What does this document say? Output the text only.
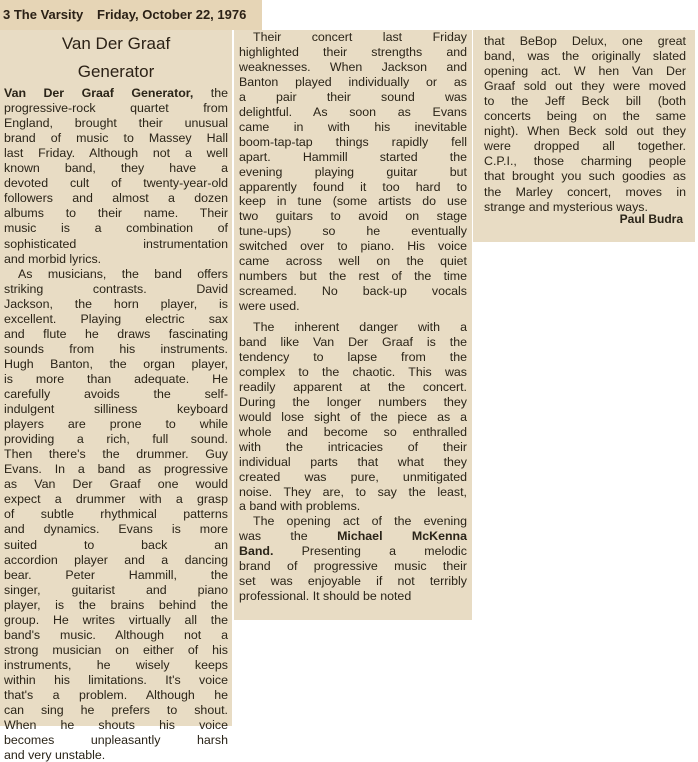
3 The Varsity Friday, October 22, 1976
Van Der Graaf
Generator
Van Der Graaf Generator, the
progressive-rock quartet from
England, brought their unusual
brand of music to Massey Hall
last Friday. Although not a well
known band, they have a
devoted cult of twenty-year-old
followers and almost a dozen
albums to their name. Their
music is a combination of
sophisticated instrumentation
and morbid lyrics.
As musicians, the band offers
striking contrasts. David
Jackson, the horn player, is
excellent. Playing electric sax
and flute he draws fascinating
sounds from his instruments.
Hugh Banton, the organ player,
is more than adequate. He
carefully avoids the self-
indulgent silliness keyboard
players are prone to while
providing a rich, full sound.
Then there's the drummer. Guy
Evans. In a band as progressive
as Van Der Graaf one would
expect a drummer with a grasp
of subtle rhythmical patterns
and dynamics. Evans is more
suited to back an
accordion player and a dancing
bear. Peter Hammill, the
singer, guitarist and piano
player, is the brains behind the
group. He writes virtually all the
band's music. Although not a
strong musician on either of his
instruments, he wisely keeps
within his limitations. It's voice
that's a problem. Although he
can sing he prefers to shout.
When he shouts his voice
becomes unpleasantly harsh
and very unstable.
Their concert last Friday
highlighted their strengths and
weaknesses. When Jackson and
Banton played individually or as
a pair their sound was
delightful. As soon as Evans
came in with his inevitable
boom-tap-tap things rapidly fell
apart. Hammill started the
evening playing guitar but
apparently found it too hard to
keep in tune (some artists do use
two guitars to avoid on stage
tune-ups) so he eventually
switched over to piano. His voice
came across well on the quiet
numbers but the rest of the time
screamed. No back-up vocals
were used.
The inherent danger with a
band like Van Der Graaf is the
tendency to lapse from the
complex to the chaotic. This was
readily apparent at the concert.
During the longer numbers they
would lose sight of the piece as a
whole and become so enthralled
with the intricacies of their
individual parts that what they
created was pure, unmitigated
noise. They are, to say the least,
a band with problems.
The opening act of the evening
was the Michael McKenna
Band. Presenting a melodic
brand of progressive music their
set was enjoyable if not terribly
professional. It should be noted
that BeBop Delux, one great
band, was the originally slated
opening act. W hen Van Der
Graaf sold out they were moved
to the Jeff Beck bill (both
concerts being on the same
night). When Beck sold out they
were dropped all together.
C.P.I., those charming people
that brought you such goodies as
the Marley concert, moves in
strange and mysterious ways.
Paul Budra
